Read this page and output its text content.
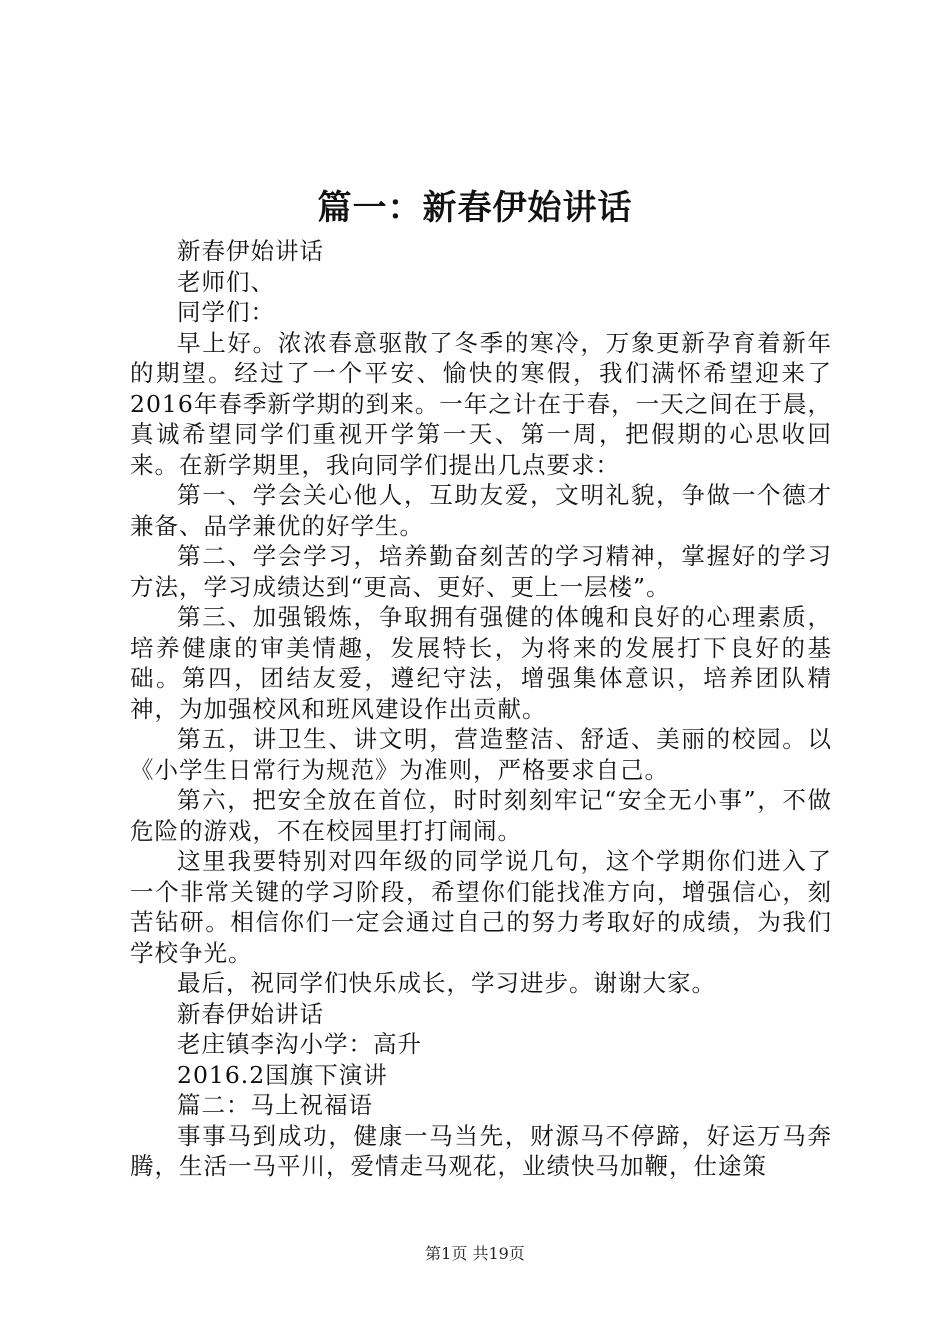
篇一：新春伊始讲话

新春伊始讲话

老师们、

同学们：

早上好。浓浓春意驱散了冬季的寒冷，万象更新孕育着新年的期望。经过了一个平安、愉快的寒假，我们满怀希望迎来了2016年春季新学期的到来。一年之计在于春，一天之间在于晨，真诚希望同学们重视开学第一天、第一周，把假期的心思收回来。在新学期里，我向同学们提出几点要求：

第一、学会关心他人，互助友爱，文明礼貌，争做一个德才兼备、品学兼优的好学生。

第二、学会学习，培养勤奋刻苦的学习精神，掌握好的学习方法，学习成绩达到“更高、更好、更上一层楼”。

第三、加强锻炼，争取拥有强健的体魄和良好的心理素质，培养健康的审美情趣，发展特长，为将来的发展打下良好的基础。第四，团结友爱，遵纪守法，增强集体意识，培养团队精神，为加强校风和班风建设作出贡献。

第五，讲卫生、讲文明，营造整洁、舒适、美丽的校园。以《小学生日常行为规范》为准则，严格要求自己。

第六，把安全放在首位，时时刻刻牢记“安全无小事”，不做危险的游戏，不在校园里打打闹闹。

这里我要特别对四年级的同学说几句，这个学期你们进入了一个非常关键的学习阶段，希望你们能找准方向，增强信心，刻苦钻研。相信你们一定会通过自己的努力考取好的成绩，为我们学校争光。

最后，祝同学们快乐成长，学习进步。谢谢大家。

新春伊始讲话

老庄镇李沟小学：高升

2016.2国旗下演讲

篇二：马上祝福语

事事马到成功，健康一马当先，财源马不停蹄，好运万马奔腾，生活一马平川，爱情走马观花，业绩快马加鞭，仕途策

第1页 共19页
